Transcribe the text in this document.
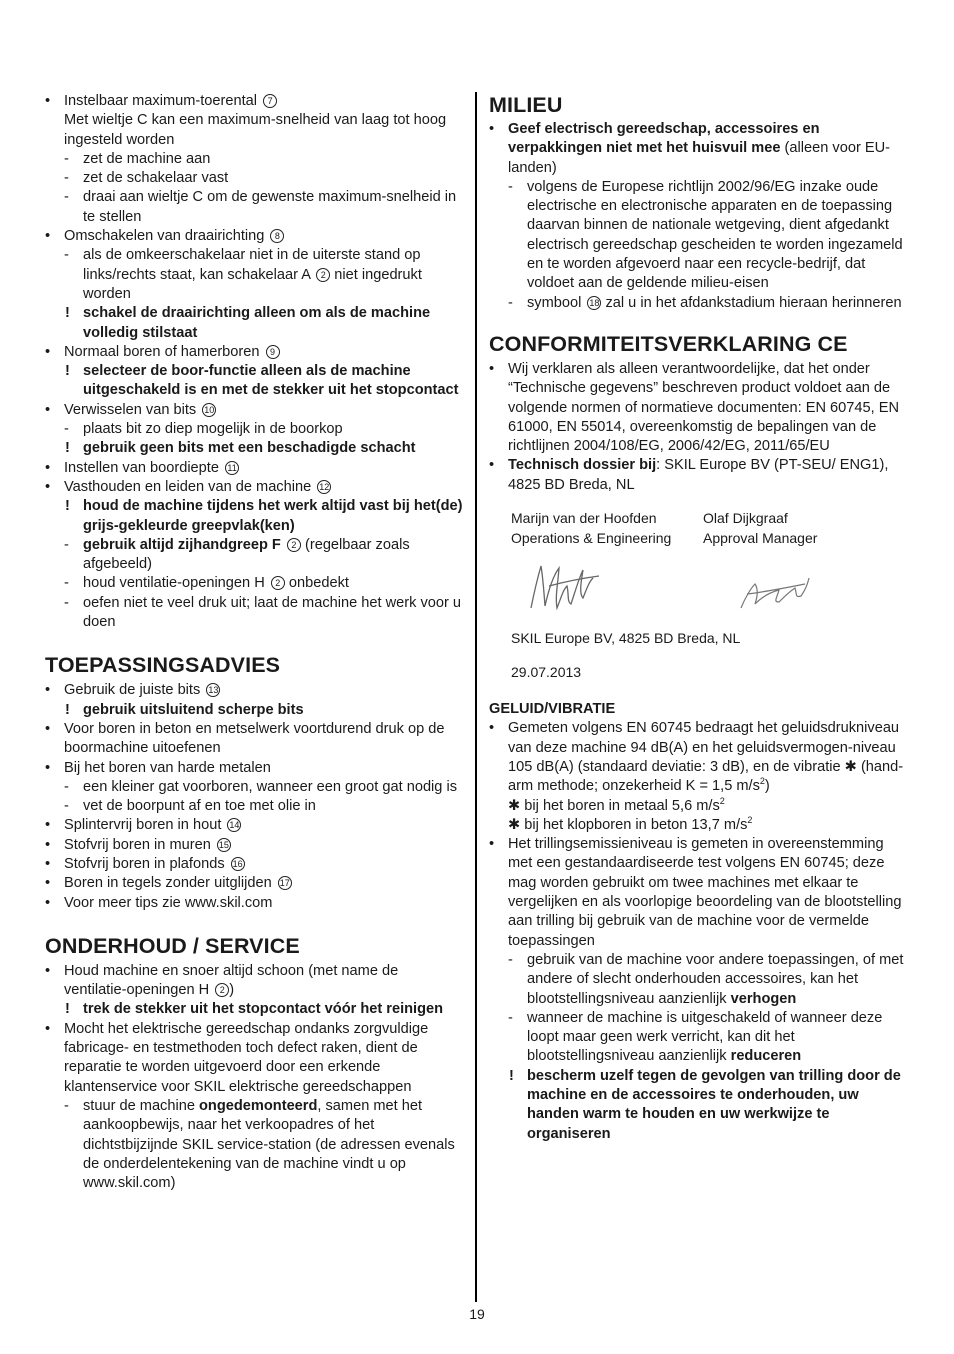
• Instelbaar maximum-toerental 7
Met wieltje C kan een maximum-snelheid van laag tot hoog ingesteld worden
- zet de machine aan
- zet de schakelaar vast
- draai aan wieltje C om de gewenste maximum-snelheid in te stellen
• Omschakelen van draairichting 8
- als de omkeerschakelaar niet in de uiterste stand op links/rechts staat, kan schakelaar A 2 niet ingedrukt worden
! schakel de draairichting alleen om als de machine volledig stilstaat
• Normaal boren of hamerboren 9
! selecteer de boor-functie alleen als de machine uitgeschakeld is en met de stekker uit het stopcontact
• Verwisselen van bits 10
- plaats bit zo diep mogelijk in de boorkop
! gebruik geen bits met een beschadigde schacht
• Instellen van boordiepte 11
• Vasthouden en leiden van de machine 12
! houd de machine tijdens het werk altijd vast bij het(de) grijs-gekleurde greepvlak(ken)
- gebruik altijd zijhandgreep F 2 (regelbaar zoals afgebeeld)
- houd ventilatie-openingen H 2 onbedekt
- oefen niet te veel druk uit; laat de machine het werk voor u doen
TOEPASSINGSADVIES
• Gebruik de juiste bits 13
! gebruik uitsluitend scherpe bits
• Voor boren in beton en metselwerk voortdurend druk op de boormachine uitoefenen
• Bij het boren van harde metalen
- een kleiner gat voorboren, wanneer een groot gat nodig is
- vet de boorpunt af en toe met olie in
• Splintervrij boren in hout 14
• Stofvrij boren in muren 15
• Stofvrij boren in plafonds 16
• Boren in tegels zonder uitglijden 17
• Voor meer tips zie www.skil.com
ONDERHOUD / SERVICE
• Houd machine en snoer altijd schoon (met name de ventilatie-openingen H 2 )
! trek de stekker uit het stopcontact vóór het reinigen
• Mocht het elektrische gereedschap ondanks zorgvuldige fabricage- en testmethoden toch defect raken, dient de reparatie te worden uitgevoerd door een erkende klantenservice voor SKIL elektrische gereedschappen
- stuur de machine ongedemonteerd, samen met het aankoopbewijs, naar het verkoopadres of het dichtstbijzijnde SKIL service-station (de adressen evenals de onderdelentekening van de machine vindt u op www.skil.com)
MILIEU
• Geef electrisch gereedschap, accessoires en verpakkingen niet met het huisvuil mee (alleen voor EU-landen)
- volgens de Europese richtlijn 2002/96/EG inzake oude electrische en electronische apparaten en de toepassing daarvan binnen de nationale wetgeving, dient afgedankt electrisch gereedschap gescheiden te worden ingezameld en te worden afgevoerd naar een recycle-bedrijf, dat voldoet aan de geldende milieu-eisen
- symbool 18 zal u in het afdankstadium hieraan herinneren
CONFORMITEITSVERKLARING CE
• Wij verklaren als alleen verantwoordelijke, dat het onder “Technische gegevens” beschreven product voldoet aan de volgende normen of normatieve documenten: EN 60745, EN 61000, EN 55014, overeenkomstig de bepalingen van de richtlijnen 2004/108/EG, 2006/42/EG, 2011/65/EU
• Technisch dossier bij: SKIL Europe BV (PT-SEU/ ENG1), 4825 BD Breda, NL
Marijn van der Hoofden	Olaf Dijkgraaf
Operations & Engineering	Approval Manager
SKIL Europe BV, 4825 BD Breda, NL
29.07.2013
GELUID/VIBRATIE
• Gemeten volgens EN 60745 bedraagt het geluidsdrukniveau van deze machine 94 dB(A) en het geluidsvermogen-niveau 105 dB(A) (standaard deviatie: 3 dB), en de vibratie ✱ (hand-arm methode; onzekerheid K = 1,5 $m/s^2$)
✱ bij het boren in metaal 5,6 $m/s^2$
✱ bij het klopboren in beton 13,7 $m/s^2$
• Het trillingsemissieniveau is gemeten in overeenstemming met een gestandaardiseerde test volgens EN 60745; deze mag worden gebruikt om twee machines met elkaar te vergelijken en als voorlopige beoordeling van de blootstelling aan trilling bij gebruik van de machine voor de vermelde toepassingen
- gebruik van de machine voor andere toepassingen, of met andere of slecht onderhouden accessoires, kan het blootstellingsniveau aanzienlijk verhogen
- wanneer de machine is uitgeschakeld of wanneer deze loopt maar geen werk verricht, kan dit het blootstellingsniveau aanzienlijk reduceren
! bescherm uzelf tegen de gevolgen van trilling door de machine en de accessoires te onderhouden, uw handen warm te houden en uw werkwijze te organiseren
19
